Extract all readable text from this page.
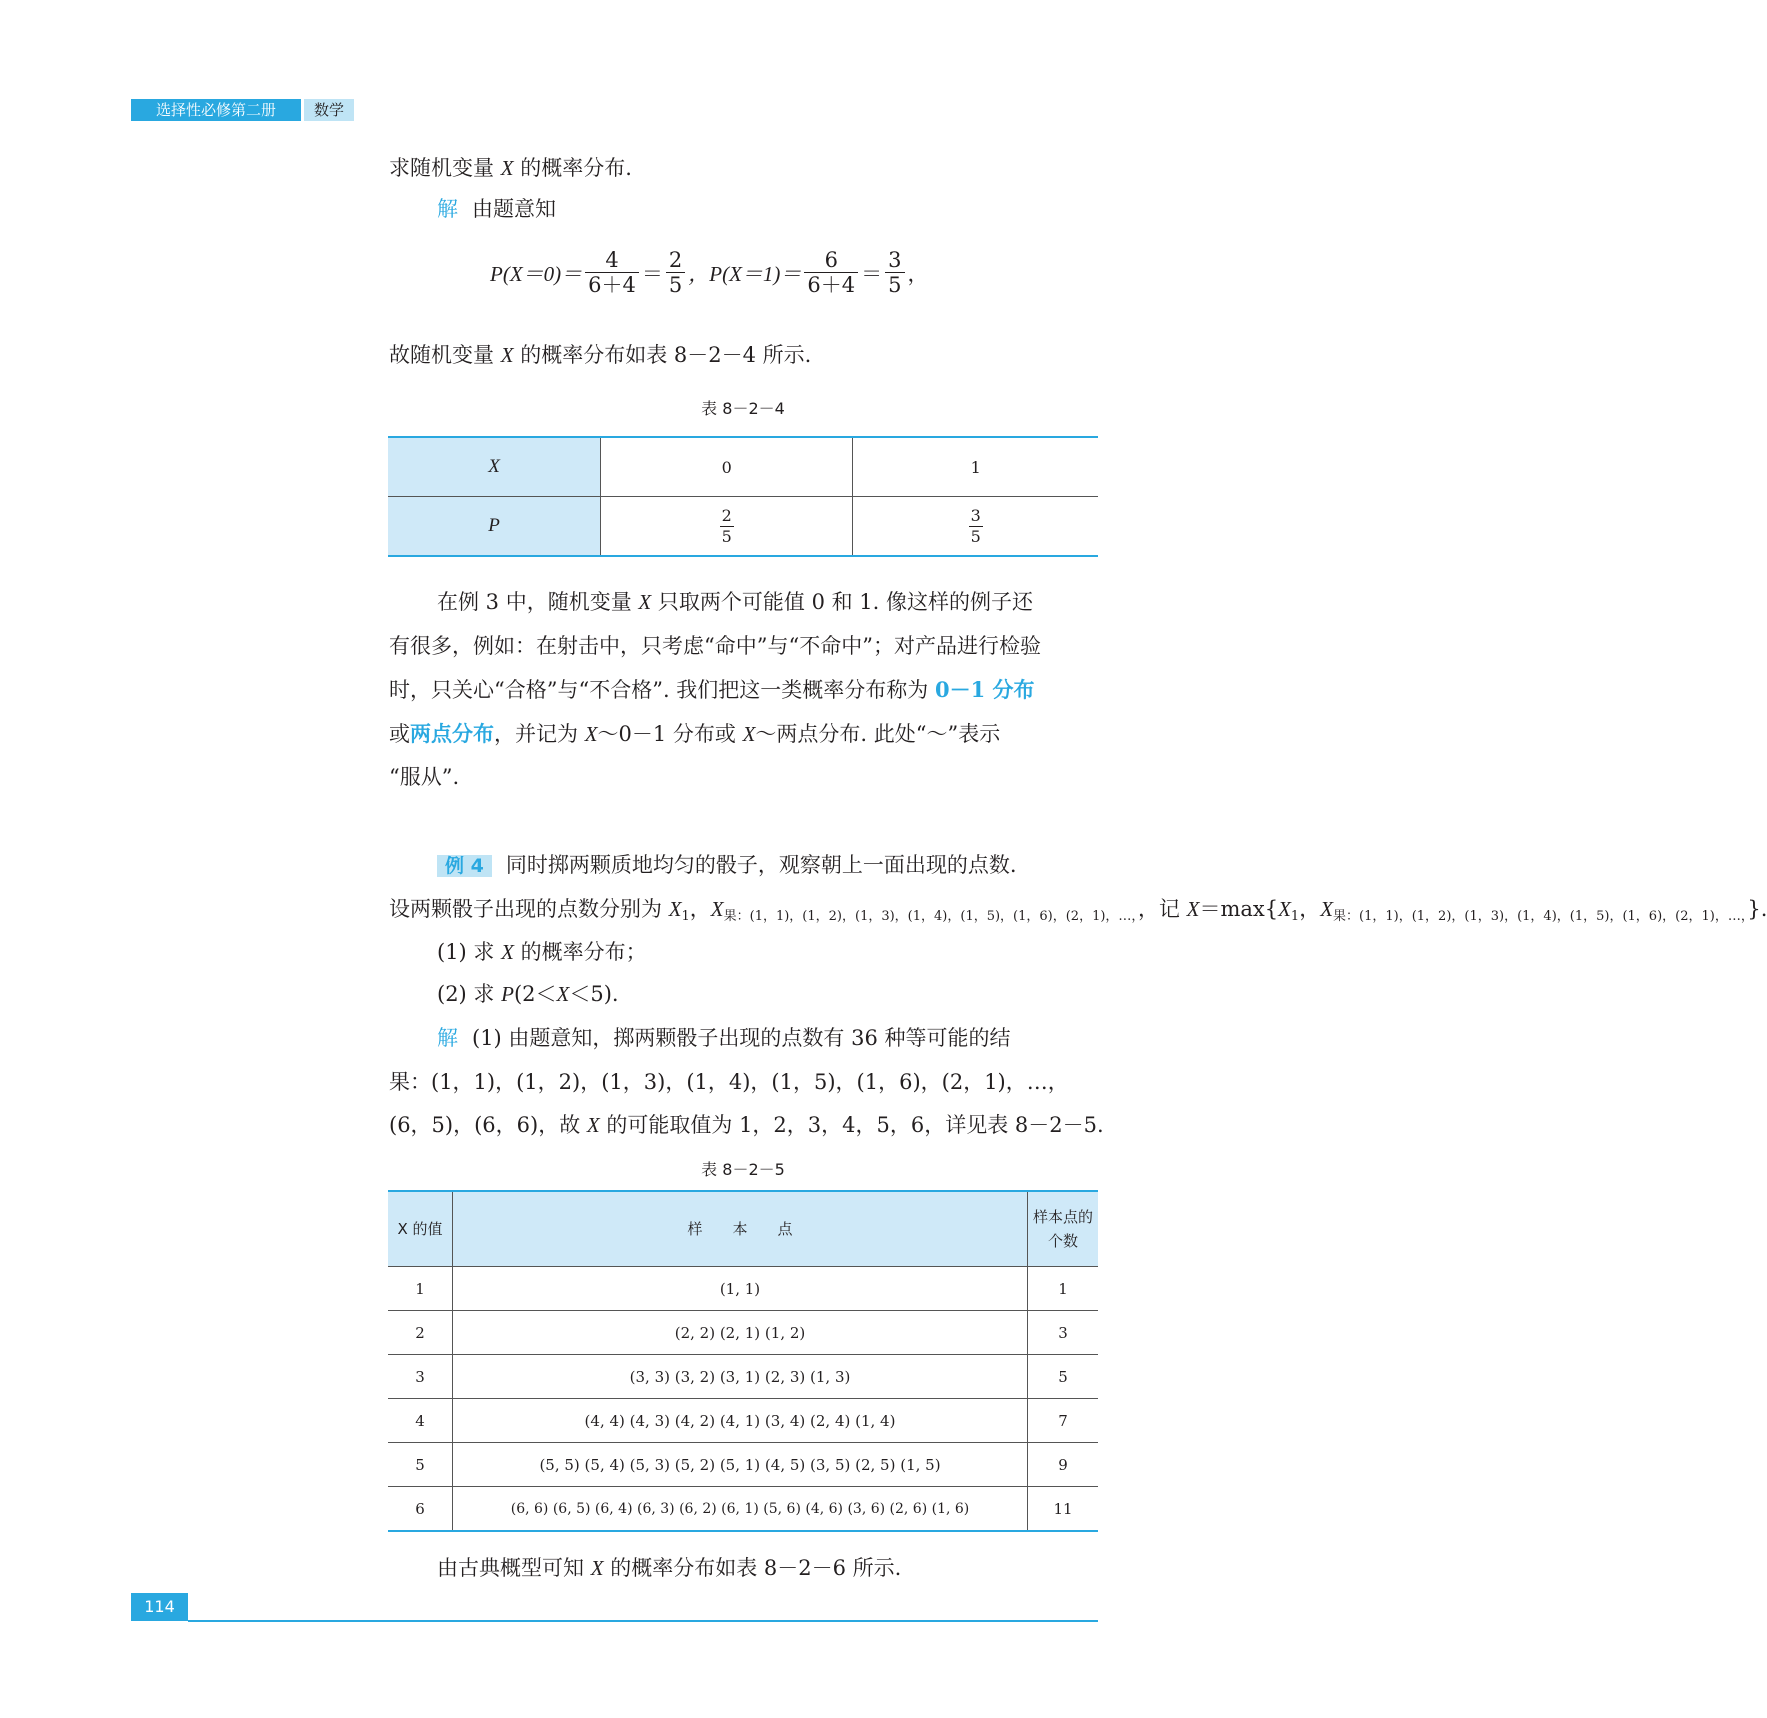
选择性必修第二册	数学
求随机变量 X 的概率分布.
解 由题意知
$P(X=0)= \frac{4}{6+4} = \frac{2}{5}$ ，$P(X=1)= \frac{6}{6+4} = \frac{3}{5}$ ，
故随机变量 X 的概率分布如表 8－2－4 所示.
表 8－2－4
X	0	1
P	$\frac{2}{5}$	$\frac{3}{5}$
在例 3 中，随机变量 X 只取两个可能值 0 和 1. 像这样的例子还
有很多，例如：在射击中，只考虑“命中”与“不命中”；对产品进行检验
时，只关心“合格”与“不合格”. 我们把这一类概率分布称为 0－1 分布
或两点分布，并记为 X～0－1 分布或 X～两点分布. 此处“～”表示
“服从”.
例 4 同时掷两颗质地均匀的骰子，观察朝上一面出现的点数.
设两颗骰子出现的点数分别为 $X_1$，$X_{果:(1,1),(1,2),(1,3),(1,4),(1,5),(1,6),(2,1),\dots,}$，记 $X=\max\{X_1$，$X_{果:(1,1),(1,2),(1,3),(1,4),(1,5),(1,6),(2,1),\dots,}$}.
(1) 求 X 的概率分布；
(2) 求 P(2＜X＜5).
解 (1) 由题意知，掷两颗骰子出现的点数有 36 种等可能的结
果：(1，1)，(1，2)，(1，3)，(1，4)，(1，5)，(1，6)，(2，1)，…，
(6，5)，(6，6)，故 X 的可能取值为 1，2，3，4，5，6，详见表 8－2－5.
表 8－2－5
X 的值	样　　本　　点	样本点的个数
1	(1, 1)	1
2	(2, 2) (2, 1) (1, 2)	3
3	(3, 3) (3, 2) (3, 1) (2, 3) (1, 3)	5
4	(4, 4) (4, 3) (4, 2) (4, 1) (3, 4) (2, 4) (1, 4)	7
5	(5, 5) (5, 4) (5, 3) (5, 2) (5, 1) (4, 5) (3, 5) (2, 5) (1, 5)	9
6	(6, 6) (6, 5) (6, 4) (6, 3) (6, 2) (6, 1) (5, 6) (4, 6) (3, 6) (2, 6) (1, 6)	11
由古典概型可知 X 的概率分布如表 8－2－6 所示.
114
